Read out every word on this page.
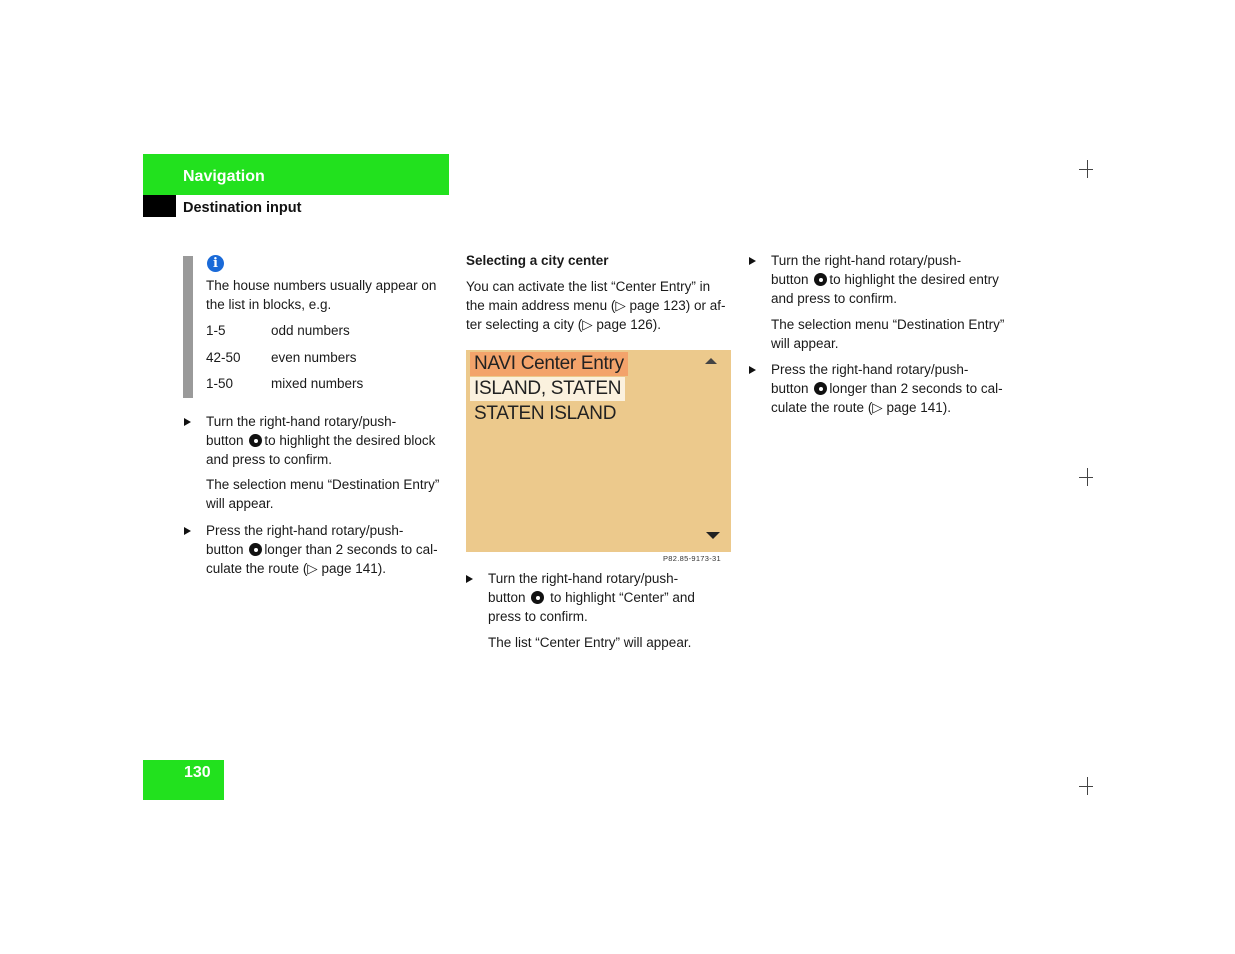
Navigation
Destination input
i
The house numbers usually appear on
the list in blocks, e.g.
1-5	odd numbers
42-50 even numbers
1-50	mixed numbers
Turn the right-hand rotary/push-
button to highlight the desired block
and press to confirm.
The selection menu “Destination Entry”
will appear.
Press the right-hand rotary/push-
button longer than 2 seconds to cal-
culate the route (▷ page 141).
Selecting a city center
You can activate the list “Center Entry” in
the main address menu (▷ page 123) or af-
ter selecting a city (▷ page 126).
NAVI Center Entry
ISLAND, STATEN
STATEN ISLAND
P82.85-9173-31
Turn the right-hand rotary/push-
button to highlight “Center” and
press to confirm.
The list “Center Entry” will appear.
Turn the right-hand rotary/push-
button to highlight the desired entry
and press to confirm.
The selection menu “Destination Entry”
will appear.
Press the right-hand rotary/push-
button longer than 2 seconds to cal-
culate the route (▷ page 141).
130
